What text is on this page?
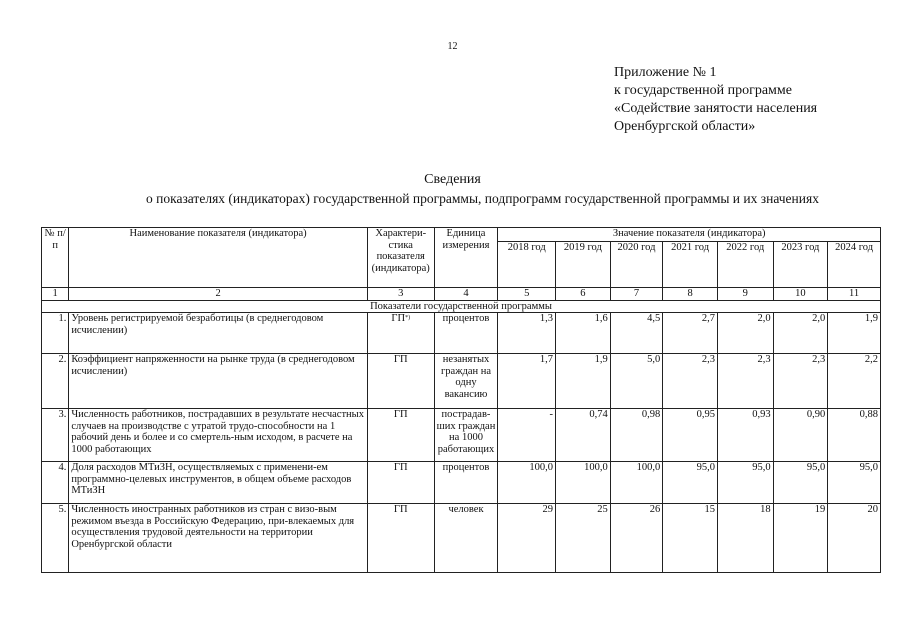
12
Приложение № 1
к государственной программе
«Содействие занятости населения
Оренбургской области»
Сведения
о показателях (индикаторах) государственной программы, подпрограмм государственной программы и их значениях
№ п/п	Наименование показателя (индикатора)	Характери-стика показателя (индикатора)	Единица измерения	Значение показателя (индикатора)						
				2018 год	2019 год	2020 год	2021 год	2022 год	2023 год	2024 год
1	2	3	4	5	6	7	8	9	10	11
Показатели государственной программы										
1.	Уровень регистрируемой безработицы (в среднегодовом исчислении)	ГП*)	процентов	1,3	1,6	4,5	2,7	2,0	2,0	1,9
2.	Коэффициент напряженности на рынке труда (в среднегодовом исчислении)	ГП	незанятых граждан на одну вакансию	1,7	1,9	5,0	2,3	2,3	2,3	2,2
3.	Численность работников, пострадавших в результате несчастных случаев на производстве с утратой трудо-способности на 1 рабочий день и более и со смертель-ным исходом, в расчете на 1000 работающих	ГП	пострадав-ших граждан на 1000 работающих	-	0,74	0,98	0,95	0,93	0,90	0,88
4.	Доля расходов МТиЗН, осуществляемых с применени-ем программно-целевых инструментов, в общем объеме расходов МТиЗН	ГП	процентов	100,0	100,0	100,0	95,0	95,0	95,0	95,0
5.	Численность иностранных работников из стран с визо-вым режимом въезда в Российскую Федерацию, при-влекаемых для осуществления трудовой деятельности на территории Оренбургской области	ГП	человек	29	25	26	15	18	19	20
